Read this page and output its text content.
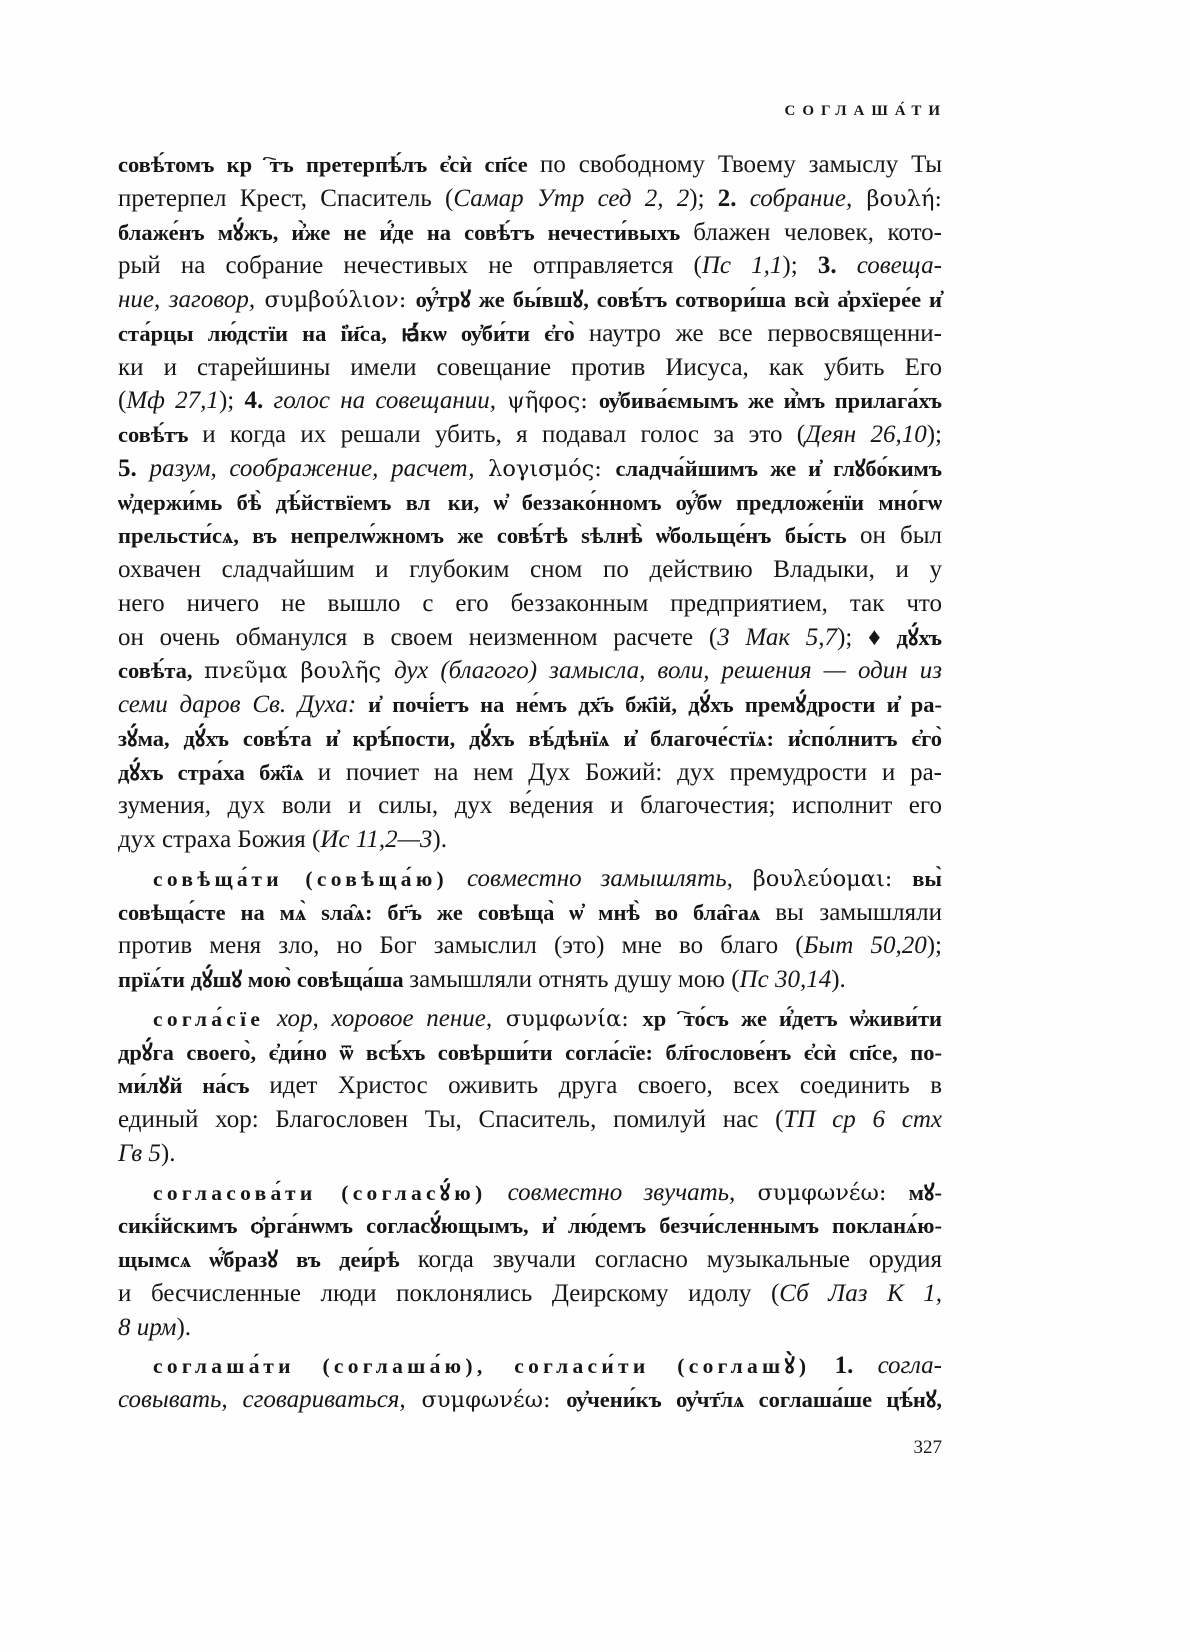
соглаша́ти
совѣ́томъ крⷭ҇тъ претерпѣ́лъ є҆сѝ сп҃се по свободному Твоему замыслу Ты
претерпел Крест, Спаситель (Самар Утр сед 2, 2); 2. собрание, βουλή:
блаже́нъ мꙋ́жъ, и҆̀же не и҆́де на совѣ́тъ нечести́выхъ блажен человек, кото-
рый на собрание нечестивых не отправляется (Пс 1,1); 3. совеща-
ние, заговор, συμβούλιον: ѹ҆́трꙋ же бы́вшꙋ, совѣ́тъ сотвори́ша всѝ а҆рхїере́е и҆
ста́рцы лю́дстїи на і҆и҃са, ꙗ҆́кѡ ѹ҆би́ти є҆го̀ наутро же все первосвященни-
ки и старейшины имели совещание против Иисуса, как убить Его
(Мф 27,1); 4. голос на совещании, ψῆφος: ѹ҆бива́ємымъ же и҆̀мъ прилага́хъ
совѣ́тъ и когда их решали убить, я подавал голос за это (Деян 26,10);
5. разум, соображение, расчет, λογισμός: сладча́йшимъ же и҆ глꙋбо́кимъ
ѡ҆держи́мь бѣ̀ дѣ́йствїемъ влⷣки, ѡ҆ беззако́нномъ ѹ҆́бѡ предложе́нїи мно́гѡ
прельсти́сѧ, въ непрелѡ́жномъ же совѣ́тѣ ѕѣлнѣ̀ ѡ҆больще́нъ бы́сть он был
охвачен сладчайшим и глубоким сном по действию Владыки, и у
него ничего не вышло с его беззаконным предприятием, так что
он очень обманулся в своем неизменном расчете (3 Мак 5,7); ♦ дꙋ́хъ
совѣ́та, πνεῦμα βουλῆς дух (благого) замысла, воли, решения — один из
семи даров Св. Духа: и҆ почі́етъ на не́мъ дх҃ъ бж҃ій, дꙋ́хъ премꙋ́дрости и҆ ра-
зꙋ́ма, дꙋ́хъ совѣ́та и҆ крѣ́пости, дꙋ́хъ вѣ́дѣнїѧ и҆ благоче́стїѧ: и҆спо́лнитъ є҆го̀
дꙋ́хъ стра́ха бж҃їѧ и почиет на нем Дух Божий: дух премудрости и ра-
зумения, дух воли и силы, дух ве́дения и благочестия; исполнит его
дух страха Божия (Ис 11,2—3).
совѣща́ти (совѣща́ю) совместно замышлять, βουλεύομαι: вы̀
совѣща́сте на мѧ̀ ѕла̑ѧ: бг҃ъ же совѣща̀ ѡ҆ мнѣ̀ во бла̑гаѧ вы замышляли
против меня зло, но Бог замыслил (это) мне во благо (Быт 50,20);
прїѧ́ти дꙋ́шꙋ мою̀ совѣща́ша замышляли отнять душу мою (Пс 30,14).
согла́сїе хор, хоровое пение, συμφωνία: хрⷭ҇то́съ же и҆́детъ ѡ҆живи́ти
дрꙋ́га своего̀, є҆ди́но ѿ всѣ́хъ совѣрши́ти согла́сїе: бл҃гослове́нъ є҆сѝ сп҃се, по-
ми́лꙋй на́съ идет Христос оживить друга своего, всех соединить в
единый хор: Благословен Ты, Спаситель, помилуй нас (ТП ср 6 стх
Гв 5).
согласова́ти (согласꙋ́ю) совместно звучать, συμφωνέω: мꙋ-
сикі́йскимъ ѻ҆рга́нѡмъ согласꙋ́ющымъ, и҆ лю́демъ безчи́сленнымъ покланѧ́ю-
щымсѧ ѡ҆́бразꙋ въ деи́рѣ когда звучали согласно музыкальные орудия
и бесчисленные люди поклонялись Деирскому идолу (Сб Лаз К 1,
8 ирм).
соглаша́ти (соглаша́ю), согласи́ти (соглашꙋ̀) 1. согла-
совывать, сговариваться, συμφωνέω: ѹ҆чени́къ ѹ҆чт҃лѧ соглаша́ше цѣ́нꙋ,
327
